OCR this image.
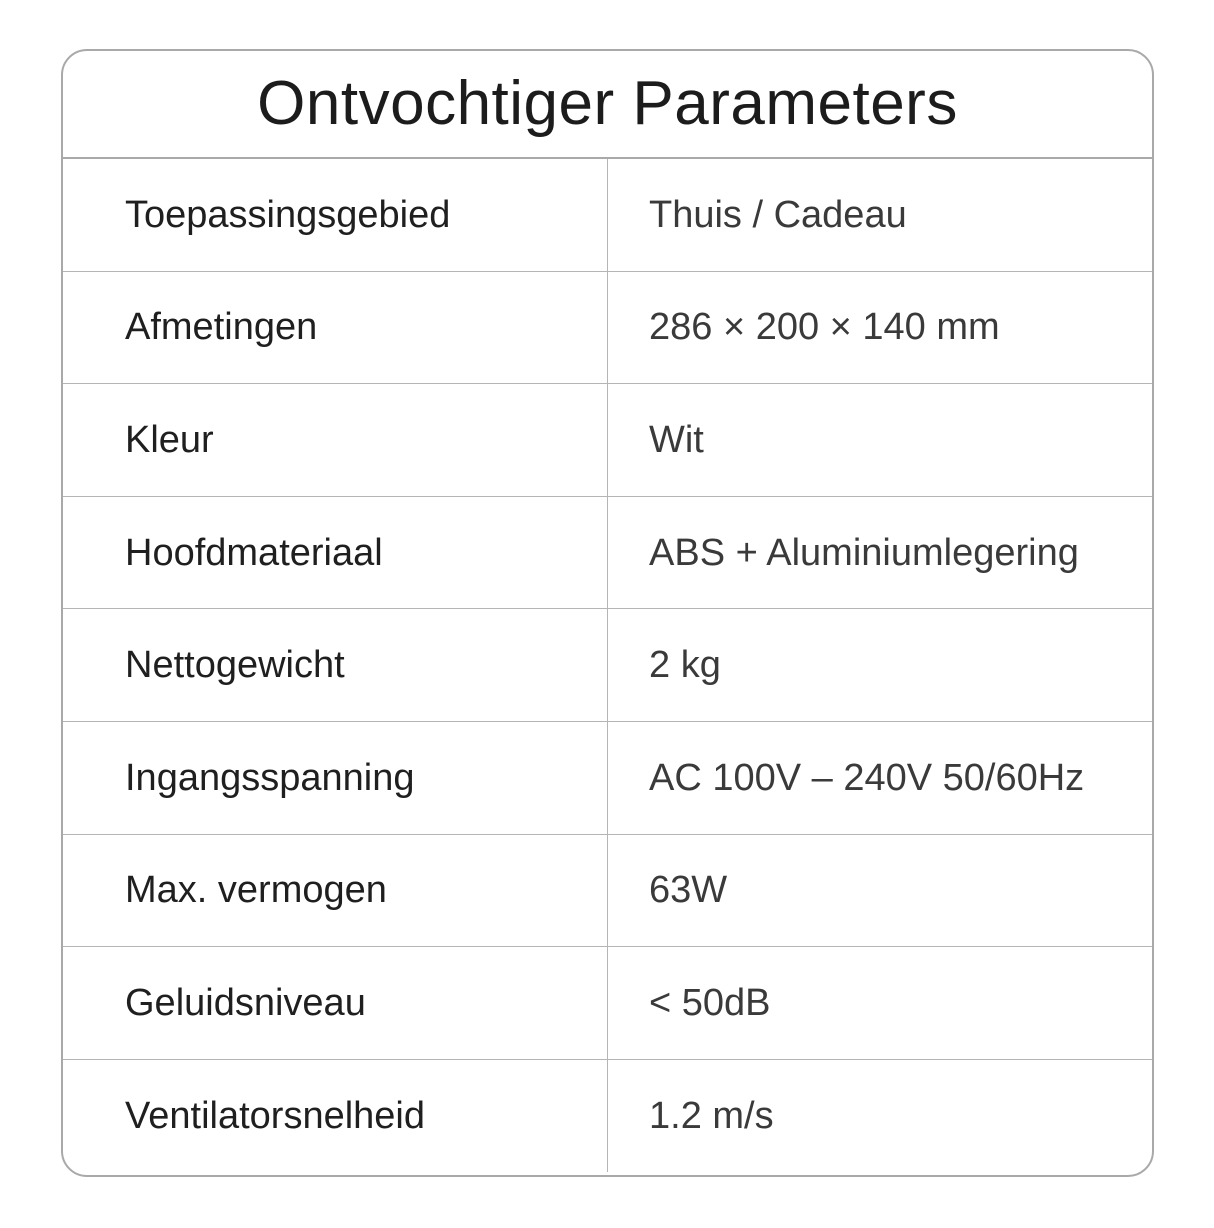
Ontvochtiger Parameters
Toepassingsgebied	Thuis / Cadeau
Afmetingen	286 × 200 × 140 mm
Kleur	Wit
Hoofdmateriaal	ABS + Aluminiumlegering
Nettogewicht	2 kg
Ingangsspanning	AC 100V – 240V 50/60Hz
Max. vermogen	63W
Geluidsniveau	< 50dB
Ventilatorsnelheid	1.2 m/s
